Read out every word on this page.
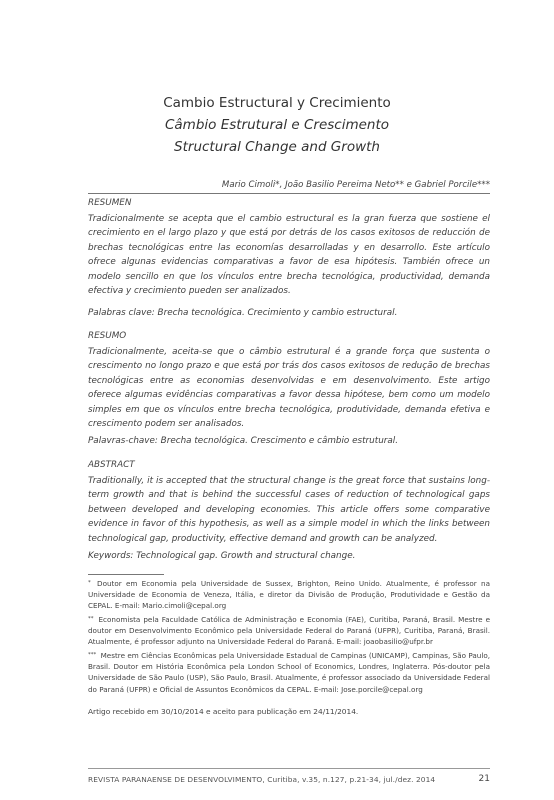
Cambio Estructural y Crecimiento
Câmbio Estrutural e Crescimento
Structural Change and Growth
Mario Cimoli*, João Basilio Pereima Neto** e Gabriel Porcile***
RESUMEN

Tradicionalmente se acepta que el cambio estructural es la gran fuerza que sostiene el crecimiento en el largo plazo y que está por detrás de los casos exitosos de reducción de brechas tecnológicas entre las economías desarrolladas y en desarrollo. Este artículo ofrece algunas evidencias comparativas a favor de esa hipótesis. También ofrece un modelo sencillo en que los vínculos entre brecha tecnológica, productividad, demanda efectiva y crecimiento pueden ser analizados.

Palabras clave: Brecha tecnológica. Crecimiento y cambio estructural.
RESUMO

Tradicionalmente, aceita-se que o câmbio estrutural é a grande força que sustenta o crescimento no longo prazo e que está por trás dos casos exitosos de redução de brechas tecnológicas entre as economias desenvolvidas e em desenvolvimento. Este artigo oferece algumas evidências comparativas a favor dessa hipótese, bem como um modelo simples em que os vínculos entre brecha tecnológica, produtividade, demanda efetiva e crescimento podem ser analisados.

Palavras-chave: Brecha tecnológica. Crescimento e câmbio estrutural.
ABSTRACT

Traditionally, it is accepted that the structural change is the great force that sustains long-term growth and that is behind the successful cases of reduction of technological gaps between developed and developing economies. This article offers some comparative evidence in favor of this hypothesis, as well as a simple model in which the links between technological gap, productivity, effective demand and growth can be analyzed.

Keywords: Technological gap. Growth and structural change.
* Doutor em Economia pela Universidade de Sussex, Brighton, Reino Unido. Atualmente, é professor na Universidade de Economia de Veneza, Itália, e diretor da Divisão de Produção, Produtividade e Gestão da CEPAL. E-mail: Mario.cimoli@cepal.org
** Economista pela Faculdade Católica de Administração e Economia (FAE), Curitiba, Paraná, Brasil. Mestre e doutor em Desenvolvimento Econômico pela Universidade Federal do Paraná (UFPR), Curitiba, Paraná, Brasil. Atualmente, é professor adjunto na Universidade Federal do Paraná. E-mail: joaobasilio@ufpr.br
*** Mestre em Ciências Econômicas pela Universidade Estadual de Campinas (UNICAMP), Campinas, São Paulo, Brasil. Doutor em História Econômica pela London School of Economics, Londres, Inglaterra. Pós-doutor pela Universidade de São Paulo (USP), São Paulo, Brasil. Atualmente, é professor associado da Universidade Federal do Paraná (UFPR) e Oficial de Assuntos Econômicos da CEPAL. E-mail: Jose.porcile@cepal.org
Artigo recebido em 30/10/2014 e aceito para publicação em 24/11/2014.
REVISTA PARANAENSE DE DESENVOLVIMENTO, Curitiba, v.35, n.127, p.21-34, jul./dez. 2014	21
